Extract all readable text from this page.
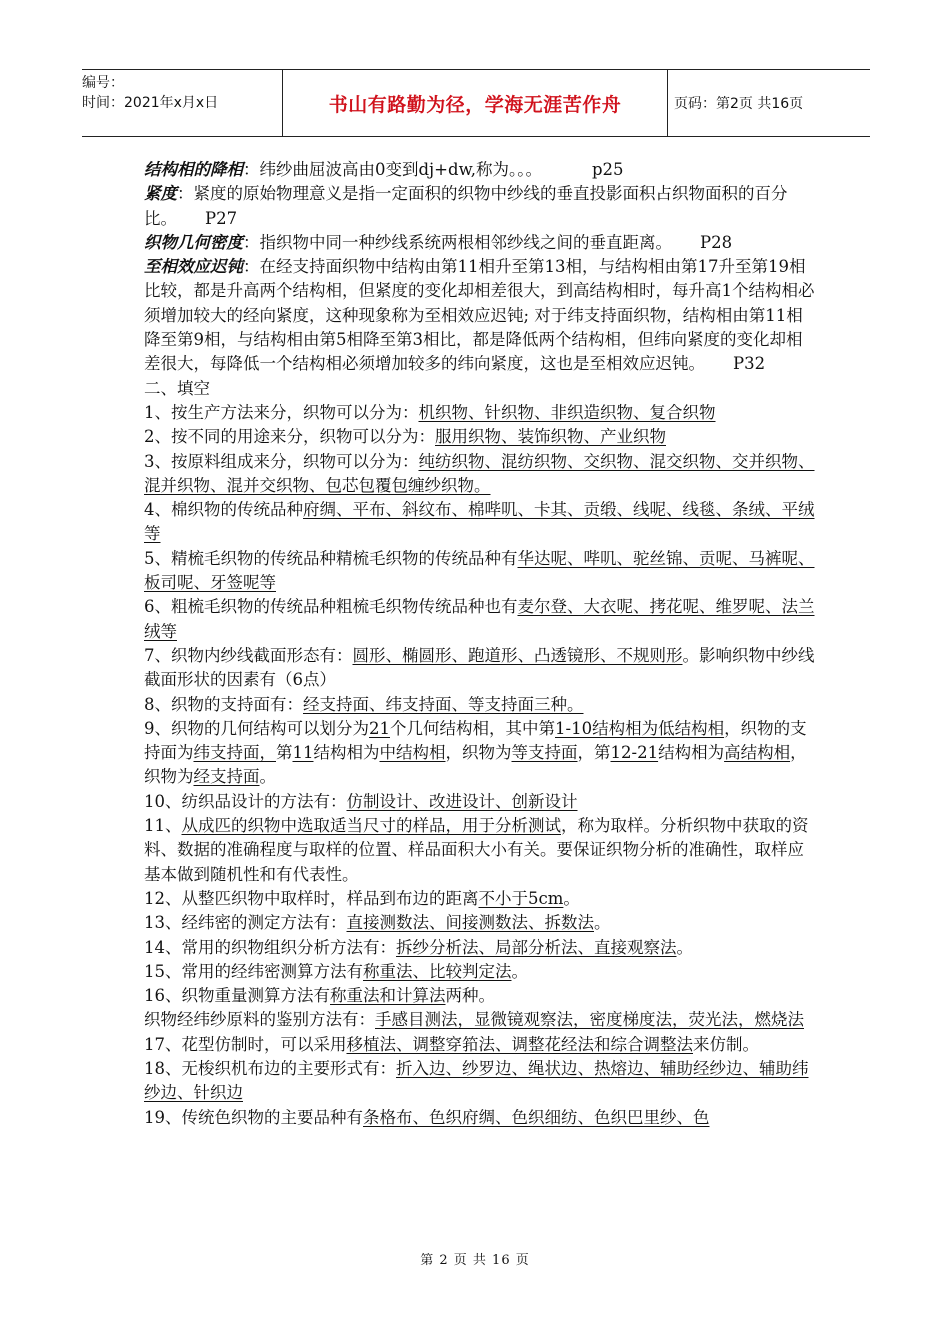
编号：
时间：2021年x月x日	书山有路勤为径，学海无涯苦作舟	页码：第2页 共16页

结构相的降相：纬纱曲屈波高由0变到dj+dw,称为。。。	p25

紧度：紧度的原始物理意义是指一定面积的织物中纱线的垂直投影面积占织物面积的百分比。 P27

织物几何密度：指织物中同一种纱线系统两根相邻纱线之间的垂直距离。 P28

至相效应迟钝：在经支持面织物中结构由第11相升至第13相，与结构相由第17升至第19相比较，都是升高两个结构相，但紧度的变化却相差很大，到高结构相时，每升高1个结构相必须增加较大的经向紧度，这种现象称为至相效应迟钝; 对于纬支持面织物，结构相由第11相降至第9相，与结构相由第5相降至第3相比，都是降低两个结构相，但纬向紧度的变化却相差很大，每降低一个结构相必须增加较多的纬向紧度，这也是至相效应迟钝。 P32

二、填空

1、按生产方法来分，织物可以分为：机织物、针织物、非织造织物、复合织物

2、按不同的用途来分，织物可以分为：服用织物、装饰织物、产业织物

3、按原料组成来分，织物可以分为：纯纺织物、混纺织物、交织物、混交织物、交并织物、混并织物、混并交织物、包芯包覆包缠纱织物。

4、棉织物的传统品种府绸、平布、斜纹布、棉哔叽、卡其、贡缎、线呢、线毯、条绒、平绒等

5、精梳毛织物的传统品种精梳毛织物的传统品种有华达呢、哔叽、驼丝锦、贡呢、马裤呢、板司呢、牙签呢等

6、粗梳毛织物的传统品种粗梳毛织物传统品种也有麦尔登、大衣呢、拷花呢、维罗呢、法兰绒等

7、织物内纱线截面形态有：圆形、椭圆形、跑道形、凸透镜形、不规则形。影响织物中纱线截面形状的因素有（6点）

8、织物的支持面有：经支持面、纬支持面、等支持面三种。

9、织物的几何结构可以划分为21个几何结构相，其中第1-10结构相为低结构相，织物的支持面为纬支持面，第11结构相为中结构相，织物为等支持面，第12-21结构相为高结构相，织物为经支持面。

10、纺织品设计的方法有：仿制设计、改进设计、创新设计

11、从成匹的织物中选取适当尺寸的样品，用于分析测试，称为取样。分析织物中获取的资料、数据的准确程度与取样的位置、样品面积大小有关。要保证织物分析的准确性，取样应基本做到随机性和有代表性。

12、从整匹织物中取样时，样品到布边的距离不小于5cm。

13、经纬密的测定方法有：直接测数法、间接测数法、拆数法。

14、常用的织物组织分析方法有：拆纱分析法、局部分析法、直接观察法。

15、常用的经纬密测算方法有称重法、比较判定法。

16、织物重量测算方法有称重法和计算法两种。

织物经纬纱原料的鉴别方法有：手感目测法，显微镜观察法，密度梯度法，荧光法，燃烧法

17、花型仿制时，可以采用移植法、调整穿筘法、调整花经法和综合调整法来仿制。

18、无梭织机布边的主要形式有：折入边、纱罗边、绳状边、热熔边、辅助经纱边、辅助纬纱边、针织边

19、传统色织物的主要品种有条格布、色织府绸、色织细纺、色织巴里纱、色

第 2 页 共 16 页
